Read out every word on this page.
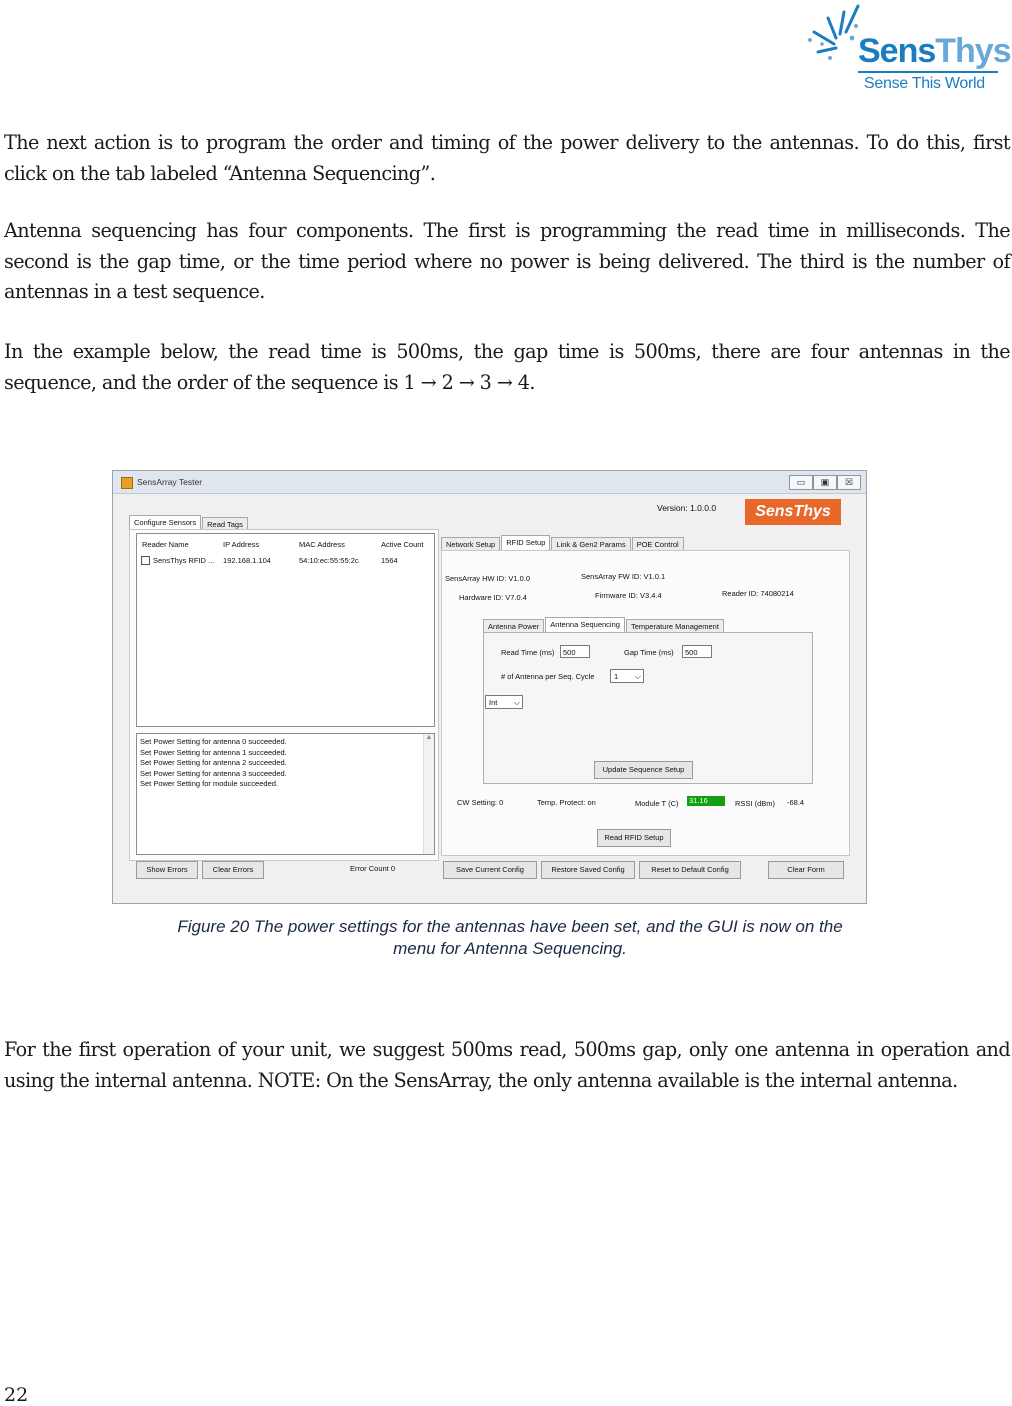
SensThys
Sense This World

The next action is to program the order and timing of the power delivery to the antennas. To do this, first click on the tab labeled “Antenna Sequencing”.

Antenna sequencing has four components. The first is programming the read time in milliseconds. The second is the gap time, or the time period where no power is being delivered. The third is the number of antennas in a test sequence.

In the example below, the read time is 500ms, the gap time is 500ms, there are four antennas in the sequence, and the order of the sequence is 1 → 2 → 3 → 4.

SensArray Tester	▭	▣	☒
Version: 1.0.0.0	SensThys
Configure Sensors	Read Tags
Reader Name	IP Address	MAC Address	Active Count
SensThys RFID ... 192.168.1.104	54:10:ec:55:55:2c	1564
Set Power Setting for antenna 0 succeeded.
Set Power Setting for antenna 1 succeeded.
Set Power Setting for antenna 2 succeeded.
Set Power Setting for antenna 3 succeeded.
Set Power Setting for module succeeded.
▲
Network Setup	RFID Setup	Link & Gen2 Params	POE Control
SensArray HW ID: V1.0.0	SensArray FW ID: V1.0.1
Hardware ID: V7.0.4	Firmware ID: V3.4.4	Reader ID: 74080214
Antenna Power	Antenna Sequencing	Temperature Management
Read Time (ms)	500	Gap Time (ms)	500
# of Antenna per Seq. Cycle	1 ⌵
Int ⌵
Update Sequence Setup
CW Setting: 0	Temp. Protect: on	Module T (C) 31.16	RSSI (dBm) -68.4
Read RFID Setup
Show Errors	Clear Errors	Error Count 0	Save Current Config	Restore Saved Config	Reset to Default Config	Clear Form
Figure 20 The power settings for the antennas have been set, and the GUI is now on the
menu for Antenna Sequencing.

For the first operation of your unit, we suggest 500ms read, 500ms gap, only one antenna in operation and using the internal antenna. NOTE: On the SensArray, the only antenna available is the internal antenna.

22
